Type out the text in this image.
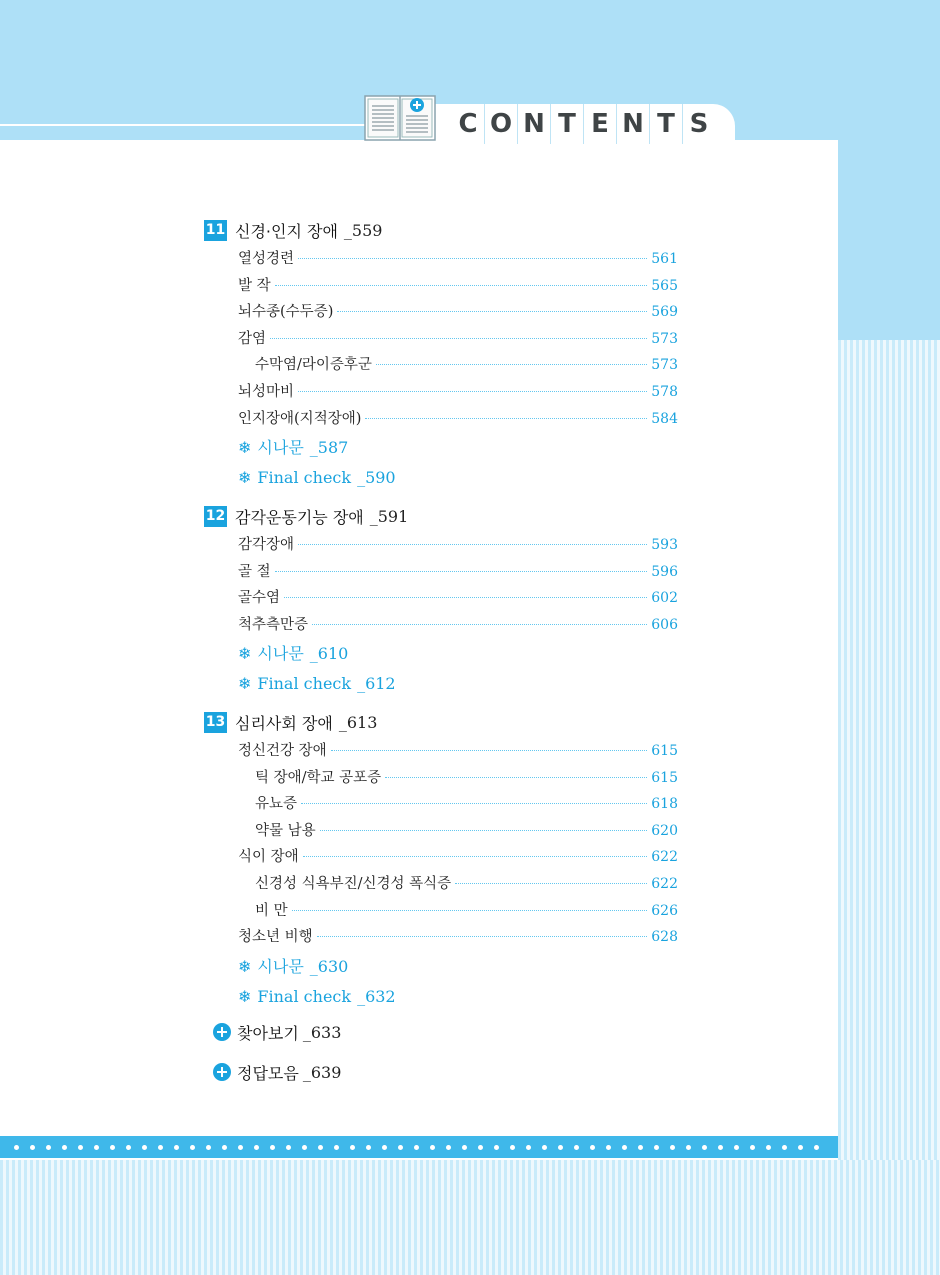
C O N T E N T S
11 신경·인지 장애 _559
열성경련	561
발 작	565
뇌수종(수두증)	569
감염	573
수막염/라이증후군	573
뇌성마비	578
인지장애(지적장애)	584
❄ 시나문 _587
❄ Final check _590
12 감각운동기능 장애 _591
감각장애	593
골 절	596
골수염	602
척추측만증	606
❄ 시나문 _610
❄ Final check _612
13 심리사회 장애 _613
정신건강 장애	615
틱 장애/학교 공포증	615
유뇨증	618
약물 남용	620
식이 장애	622
신경성 식욕부진/신경성 폭식증	622
비 만	626
청소년 비행	628
❄ 시나문 _630
❄ Final check _632
찾아보기 _633
정답모음 _639
